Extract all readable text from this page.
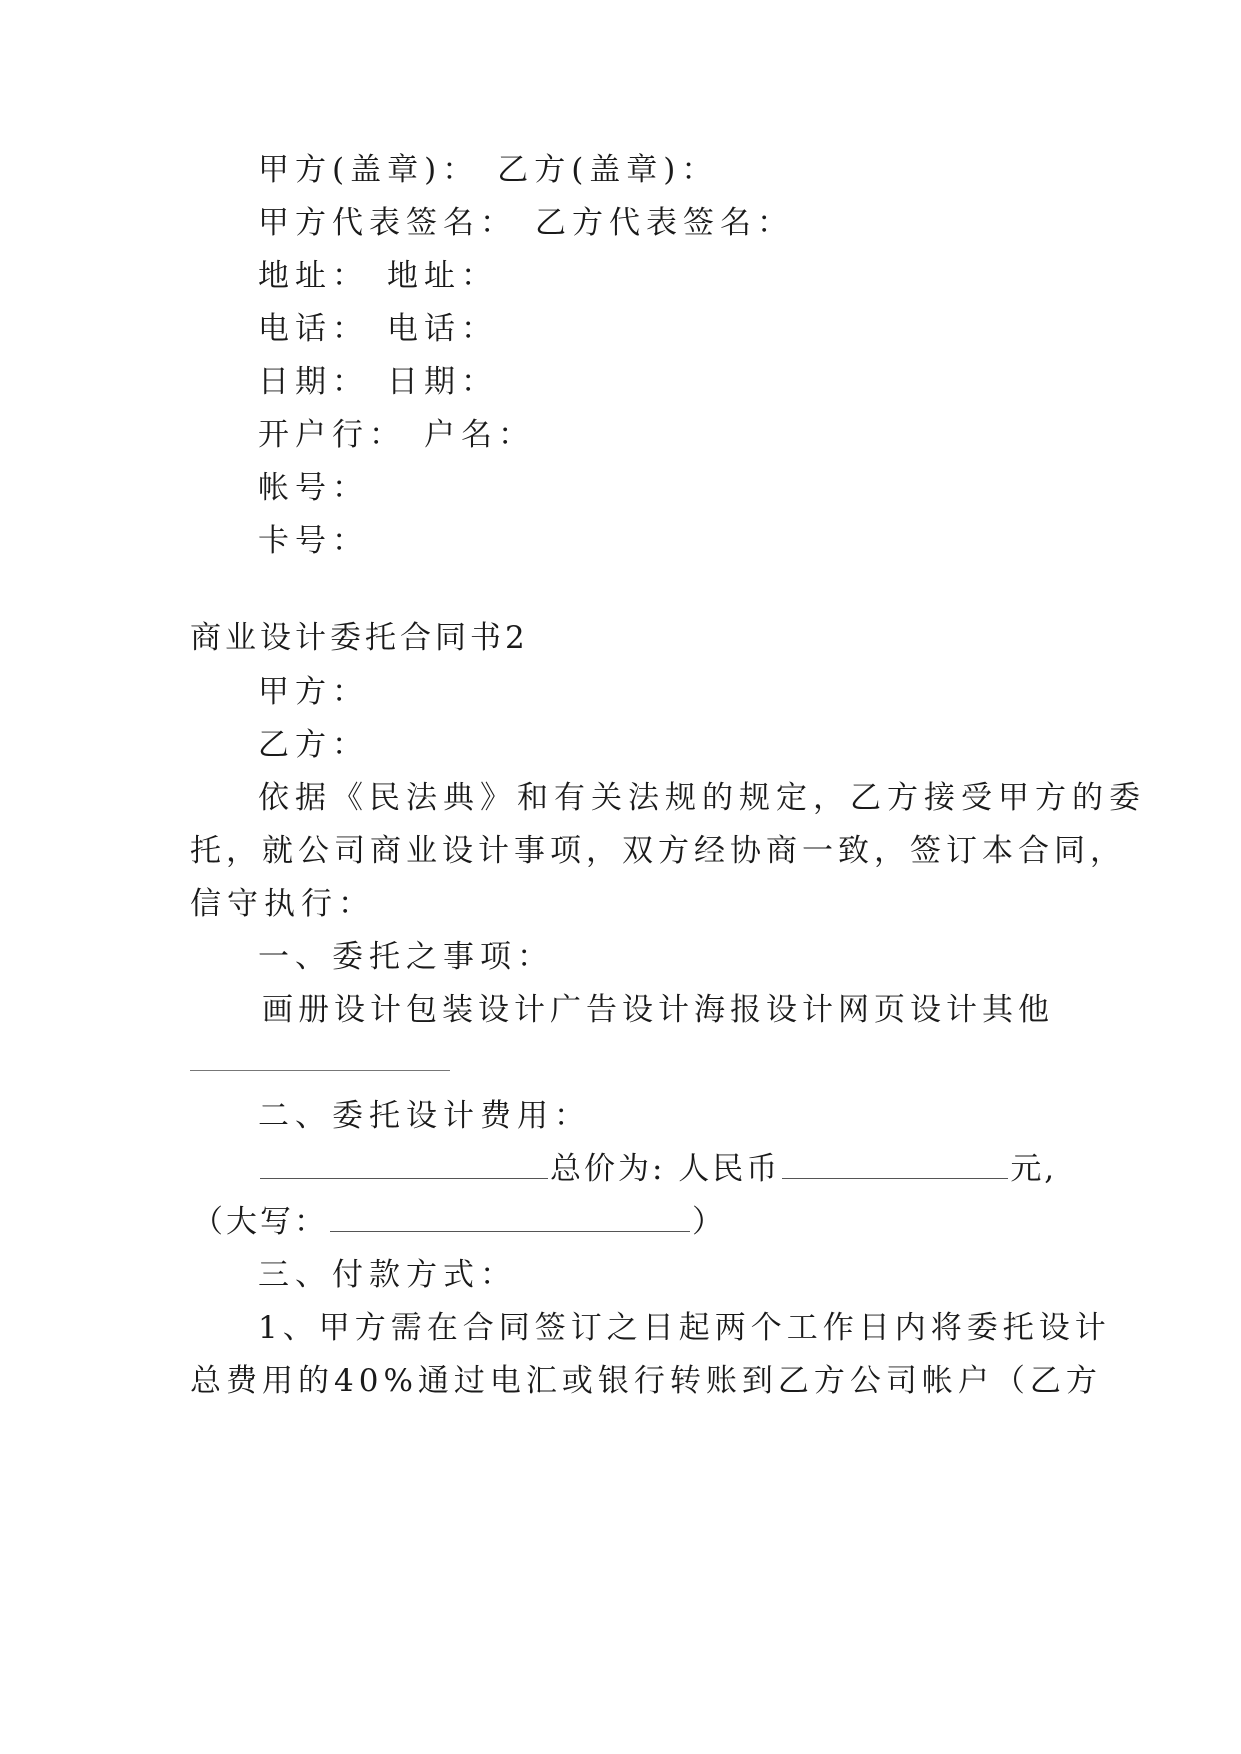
甲方(盖章)： 乙方(盖章)：
甲方代表签名： 乙方代表签名：
地址： 地址：
电话： 电话：
日期： 日期：
开户行： 户名：
帐号：
卡号：
商业设计委托合同书2
甲方：
乙方：
依据《民法典》和有关法规的规定，乙方接受甲方的委
托，就公司商业设计事项，双方经协商一致，签订本合同，
信守执行：
一、委托之事项：
画册设计包装设计广告设计海报设计网页设计其他
二、委托设计费用：
总价为: 人民币	元,
（大写：	）
三、付款方式：
1、甲方需在合同签订之日起两个工作日内将委托设计
总费用的40%通过电汇或银行转账到乙方公司帐户（乙方
